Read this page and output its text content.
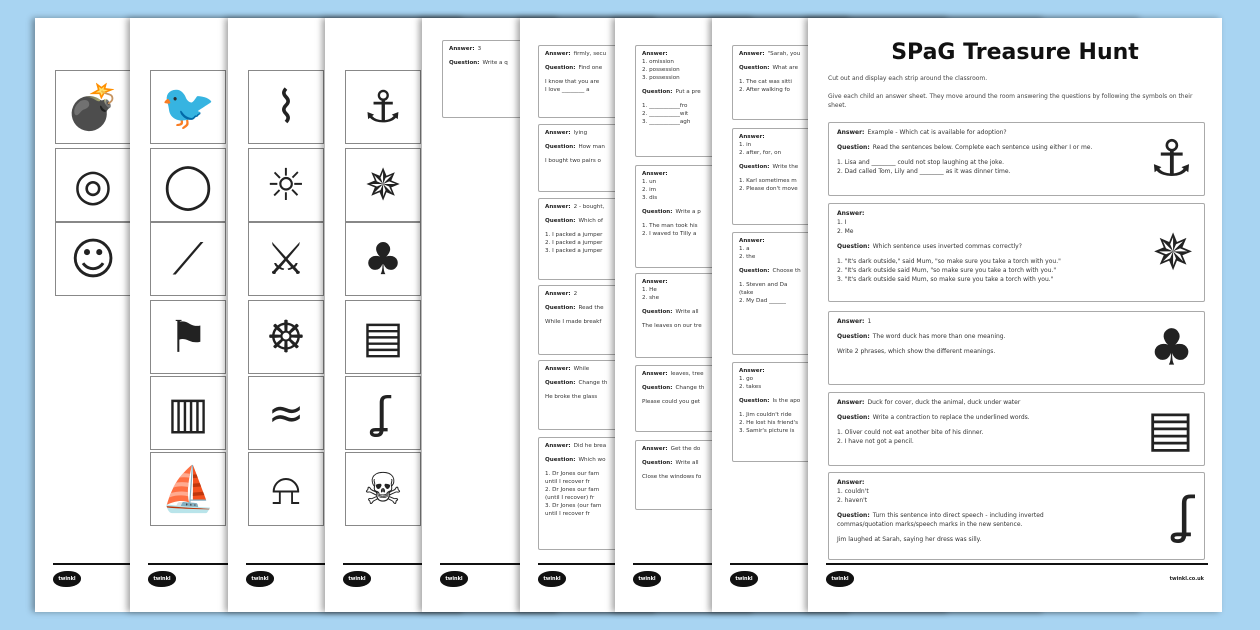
💣
◎
☺
twinkl
🐦
◯
⟋
⚑
▥
⛵
twinkl
⌇
☼
⚔
☸
≈
⍾
twinkl
⚓
✵
♣
▤
ʆ
☠
twinkl
Answer: 3
Question: Write a q
twinkl
Answer: firmly, secu
Question: Find one
I know that you are
I love ________ a
Answer: lying
Question: How man
I bought two pairs o
Answer: 2 - bought,
Question: Which of
1. I packed a jumper
2. I packed a jumper
3. I packed a jumper
Answer: 2
Question: Read the
While I made breakf
Answer: While
Question: Change th
He broke the glass
Answer: Did he brea
Question: Which wo
1. Dr Jones our fam
until I recover fr
2. Dr Jones our fam
(until I recover) fr
3. Dr Jones (our fam
until I recover fr
twinkl
Answer:
1. omission
2. possession
3. possession
Question: Put a pre
1. ___________fro
2. ___________wit
3. ___________agh
Answer:
1. un
2. im
3. dis
Question: Write a p
1. The man took his
2. I waved to Tilly a
Answer:
1. He
2. she
Question: Write all
The leaves on our tre
Answer: leaves, tree
Question: Change th
Please could you get
Answer: Get the do
Question: Write all
Close the windows fo
twinkl
Answer: "Sarah, you
Question: What are
1. The cat was sitti
2. After walking fo
Answer:
1. in
2. after, for, on
Question: Write the
1. Karl sometimes m
2. Please don't move
Answer:
1. a
2. the
Question: Choose th
1. Steven and Da
(take
2. My Dad ______
Answer:
1. go
2. takes
Question: Is the apo
1. Jim couldn't ride
2. He lost his friend's
3. Samir's picture is
twinkl
SPaG Treasure Hunt
Cut out and display each strip around the classroom.
Give each child an answer sheet. They move around the room answering the questions by following the symbols on their sheet.
Answer: Example - Which cat is available for adoption?
Question: Read the sentences below. Complete each sentence using either I or me.
1. Lisa and ________ could not stop laughing at the joke.
2. Dad called Tom, Lily and ________ as it was dinner time.	⚓
Answer:
1. I
2. Me
Question: Which sentence uses inverted commas correctly?
1. "It's dark outside," said Mum, "so make sure you take a torch with you."
2. "It's dark outside said Mum, "so make sure you take a torch with you."
3. "It's dark outside said Mum, so make sure you take a torch with you."	✵
Answer: 1
Question: The word duck has more than one meaning.
Write 2 phrases, which show the different meanings.	♣
Answer: Duck for cover, duck the animal, duck under water
Question: Write a contraction to replace the underlined words.
1. Oliver could not eat another bite of his dinner.
2. I have not got a pencil.	▤
Answer:
1. couldn't
2. haven't
Question: Turn this sentence into direct speech - including inverted
commas/quotation marks/speech marks in the new sentence.
Jim laughed at Sarah, saying her dress was silly.	ʆ
twinkl	twinkl.co.uk
